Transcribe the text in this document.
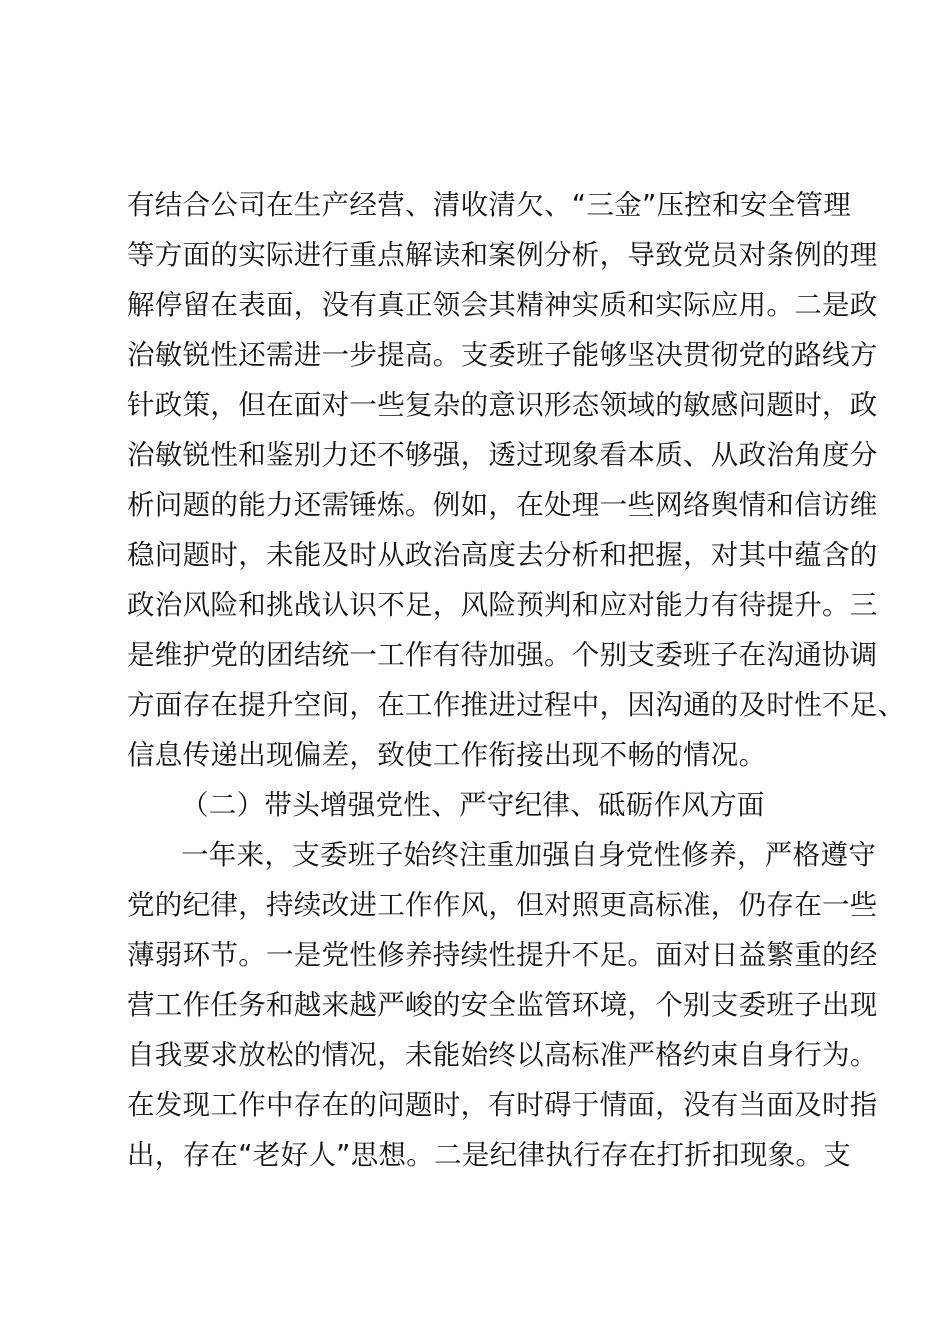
有结合公司在生产经营、清收清欠、“三金”压控和安全管理
等方面的实际进行重点解读和案例分析，导致党员对条例的理
解停留在表面，没有真正领会其精神实质和实际应用。二是政
治敏锐性还需进一步提高。支委班子能够坚决贯彻党的路线方
针政策，但在面对一些复杂的意识形态领域的敏感问题时，政
治敏锐性和鉴别力还不够强，透过现象看本质、从政治角度分
析问题的能力还需锤炼。例如，在处理一些网络舆情和信访维
稳问题时，未能及时从政治高度去分析和把握，对其中蕴含的
政治风险和挑战认识不足，风险预判和应对能力有待提升。三
是维护党的团结统一工作有待加强。个别支委班子在沟通协调
方面存在提升空间，在工作推进过程中，因沟通的及时性不足、
信息传递出现偏差，致使工作衔接出现不畅的情况。
（二）带头增强党性、严守纪律、砥砺作风方面
一年来，支委班子始终注重加强自身党性修养，严格遵守
党的纪律，持续改进工作作风，但对照更高标准，仍存在一些
薄弱环节。一是党性修养持续性提升不足。面对日益繁重的经
营工作任务和越来越严峻的安全监管环境，个别支委班子出现
自我要求放松的情况，未能始终以高标准严格约束自身行为。
在发现工作中存在的问题时，有时碍于情面，没有当面及时指
出，存在“老好人”思想。二是纪律执行存在打折扣现象。支
